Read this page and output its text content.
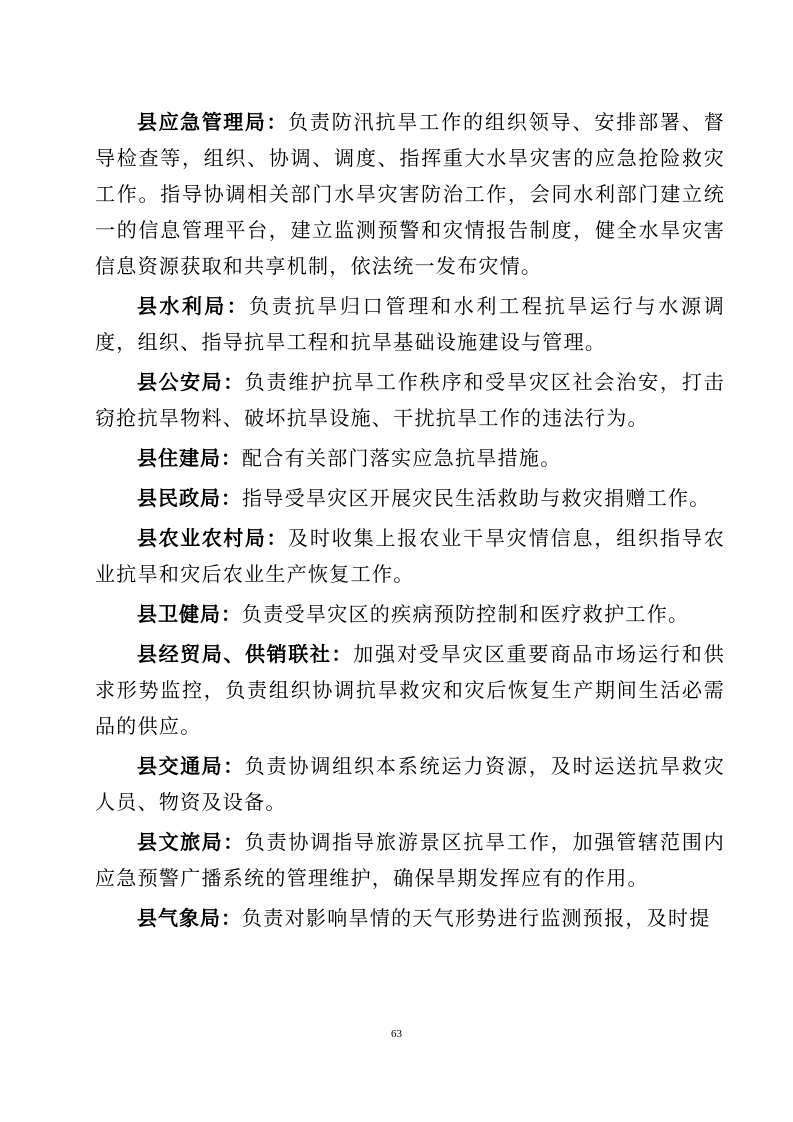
县应急管理局：负责防汛抗旱工作的组织领导、安排部署、督导检查等，组织、协调、调度、指挥重大水旱灾害的应急抢险救灾工作。指导协调相关部门水旱灾害防治工作，会同水利部门建立统一的信息管理平台，建立监测预警和灾情报告制度，健全水旱灾害信息资源获取和共享机制，依法统一发布灾情。

县水利局：负责抗旱归口管理和水利工程抗旱运行与水源调度，组织、指导抗旱工程和抗旱基础设施建设与管理。

县公安局：负责维护抗旱工作秩序和受旱灾区社会治安，打击窃抢抗旱物料、破坏抗旱设施、干扰抗旱工作的违法行为。

县住建局：配合有关部门落实应急抗旱措施。

县民政局：指导受旱灾区开展灾民生活救助与救灾捐赠工作。

县农业农村局：及时收集上报农业干旱灾情信息，组织指导农业抗旱和灾后农业生产恢复工作。

县卫健局：负责受旱灾区的疾病预防控制和医疗救护工作。

县经贸局、供销联社：加强对受旱灾区重要商品市场运行和供求形势监控，负责组织协调抗旱救灾和灾后恢复生产期间生活必需品的供应。

县交通局：负责协调组织本系统运力资源，及时运送抗旱救灾人员、物资及设备。

县文旅局：负责协调指导旅游景区抗旱工作，加强管辖范围内应急预警广播系统的管理维护，确保旱期发挥应有的作用。

县气象局：负责对影响旱情的天气形势进行监测预报，及时提

63
